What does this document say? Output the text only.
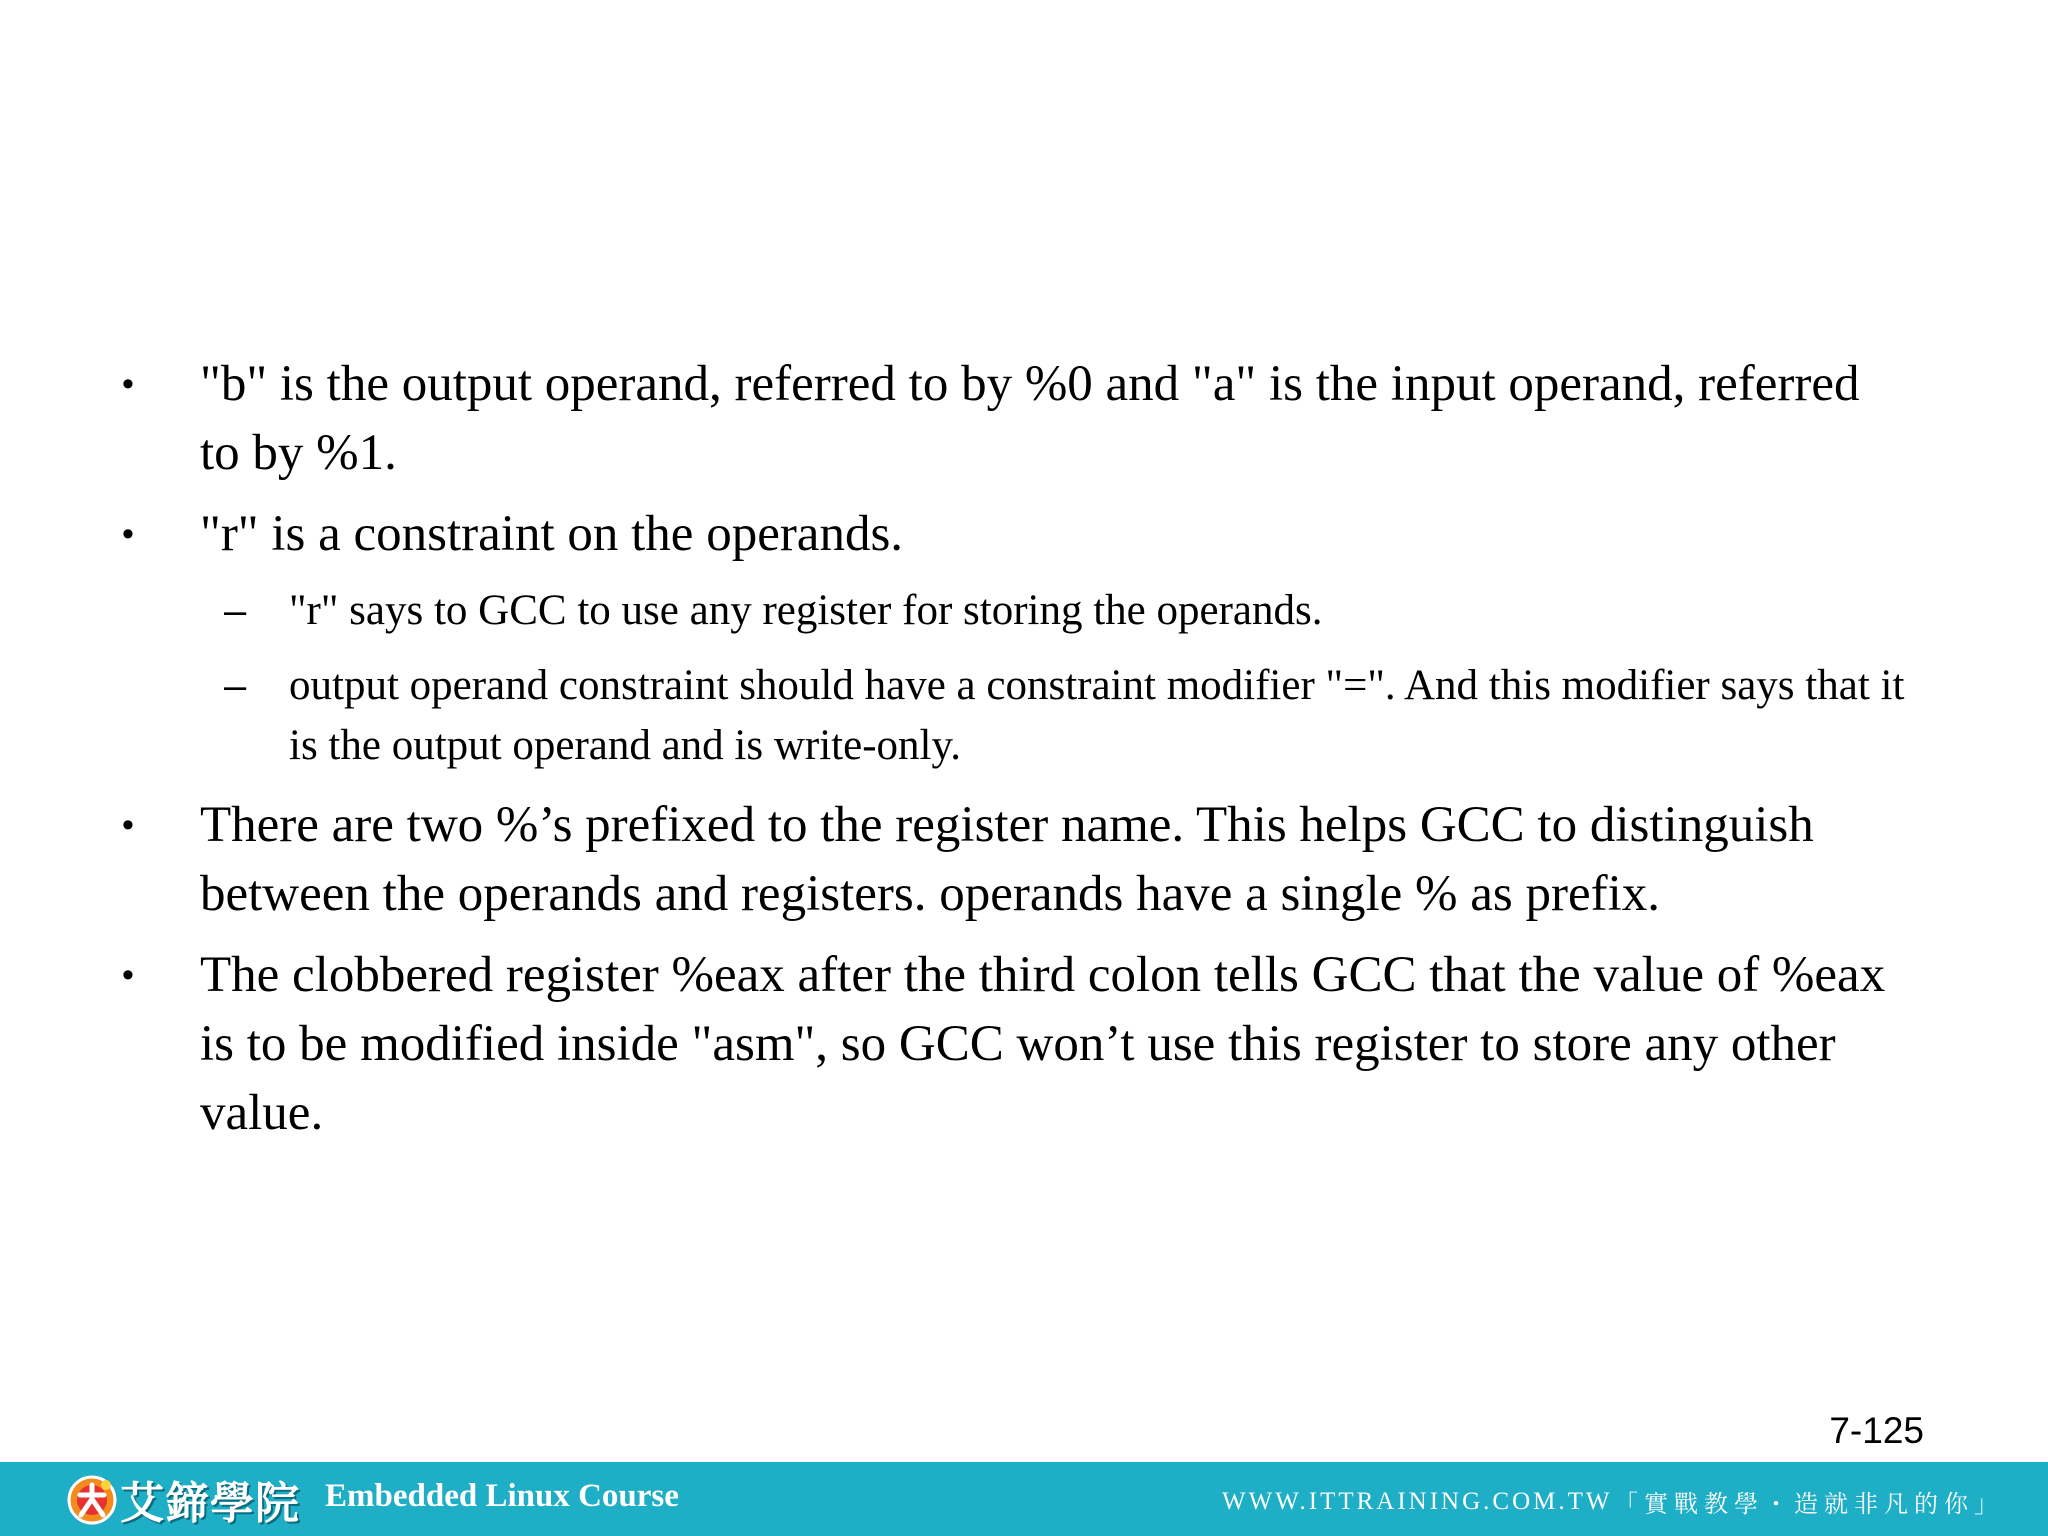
• "b" is the output operand, referred to by %0 and "a" is the input operand, referred to by %1.
• "r" is a constraint on the operands.
– "r" says to GCC to use any register for storing the operands.
– output operand constraint should have a constraint modifier "=". And this modifier says that it is the output operand and is write-only.
• There are two %’s prefixed to the register name. This helps GCC to distinguish between the operands and registers. operands have a single % as prefix.
• The clobbered register %eax after the third colon tells GCC that the value of %eax is to be modified inside "asm", so GCC won’t use this register to store any other value.
7-125
艾鍗學院 Embedded Linux Course	WWW.ITTRAINING.COM.TW 「實戰教學・造就非凡的你」
